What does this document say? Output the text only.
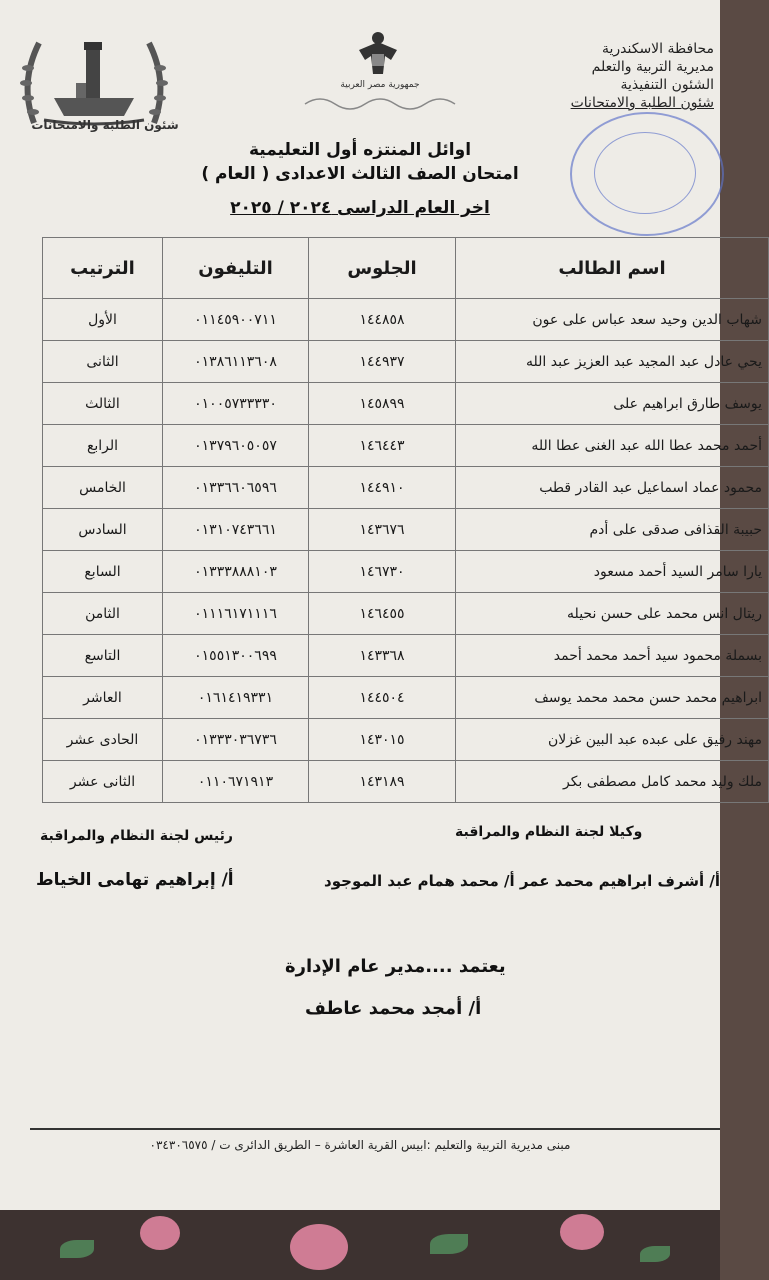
شئون الطلبة والامتحانات
جمهورية مصر العربية
محافظة الاسكندرية
مديرية التربية والتعلم
الشئون التنفيذية
شئون الطلبة والامتحانات
اوائل المنتزه أول التعليمية
امتحان الصف الثالث الاعدادى ( العام )
اخر العام الدراسى ٢٠٢٤ / ٢٠٢٥
اسم الطالب	الجلوس	التليفون	الترتيب
شهاب الدين وحيد سعد عباس على عون	١٤٤٨٥٨	٠١١٤٥٩٠٠٧١١	الأول
يحي عادل عبد المجيد عبد العزيز عبد الله	١٤٤٩٣٧	٠١٣٨٦١١٣٦٠٨	الثانى
يوسف طارق ابراهيم على	١٤٥٨٩٩	٠١٠٠٥٧٣٣٣٣٠	الثالث
أحمد محمد عطا الله عبد الغنى عطا الله	١٤٦٤٤٣	٠١٣٧٩٦٠٥٠٥٧	الرابع
محمود عماد اسماعيل عبد القادر قطب	١٤٤٩١٠	٠١٣٣٦٦٠٦٥٩٦	الخامس
حبيبة القذافى صدقى على أدم	١٤٣٦٧٦	٠١٣١٠٧٤٣٦٦١	السادس
يارا سامر السيد أحمد مسعود	١٤٦٧٣٠	٠١٣٣٣٨٨٨١٠٣	السابع
ريتال انس محمد على حسن نحيله	١٤٦٤٥٥	٠١١١٦١٧١١١٦	الثامن
بسملة محمود سيد أحمد محمد أحمد	١٤٣٣٦٨	٠١٥٥١٣٠٠٦٩٩	التاسع
ابراهيم محمد حسن محمد محمد يوسف	١٤٤٥٠٤	٠١٦١٤١٩٣٣١	العاشر
مهند رفيق على عبده عبد البين غزلان	١٤٣٠١٥	٠١٣٣٣٠٣٦٧٣٦	الحادى عشر
ملك وليد محمد كامل مصطفى بكر	١٤٣١٨٩	٠١١٠٦٧١٩١٣	الثانى عشر
رئيس لجنة النظام والمراقبة	وكيلا لجنة النظام والمراقبة
أ/ إبراهيم تهامى الخياط	أ/ أشرف ابراهيم محمد عمر أ/ محمد همام عبد الموجود
يعتمد ....مدير عام الإدارة
أ/ أمجد محمد عاطف
مبنى مديرية التربية والتعليم :ابيس القرية العاشرة – الطريق الدائرى ت / ٠٣٤٣٠٦٥٧٥
